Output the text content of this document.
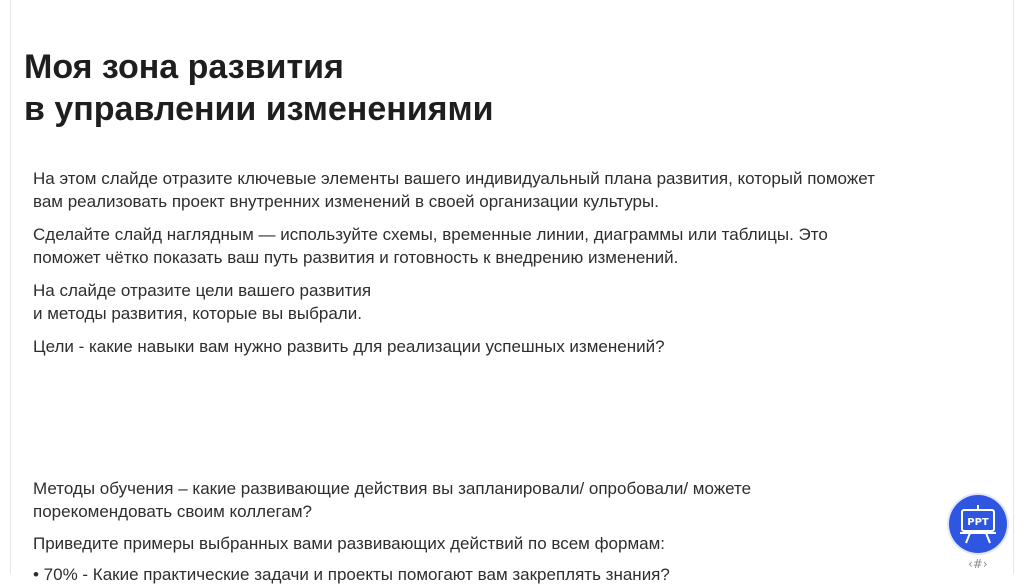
Моя зона развития
в управлении изменениями

На этом слайде отразите ключевые элементы вашего индивидуальный плана развития, который поможет
вам реализовать проект внутренних изменений в своей организации культуры.

Сделайте слайд наглядным — используйте схемы, временные линии, диаграммы или таблицы. Это
поможет чётко показать ваш путь развития и готовность к внедрению изменений.

На слайде отразите цели вашего развития
и методы развития, которые вы выбрали.

Цели - какие навыки вам нужно развить для реализации успешных изменений?

Методы обучения – какие развивающие действия вы запланировали/ опробовали/ можете
порекомендовать своим коллегам?

Приведите примеры выбранных вами развивающих действий по всем формам:

• 70% - Какие практические задачи и проекты помогают вам закреплять знания?
PPT
‹#›
